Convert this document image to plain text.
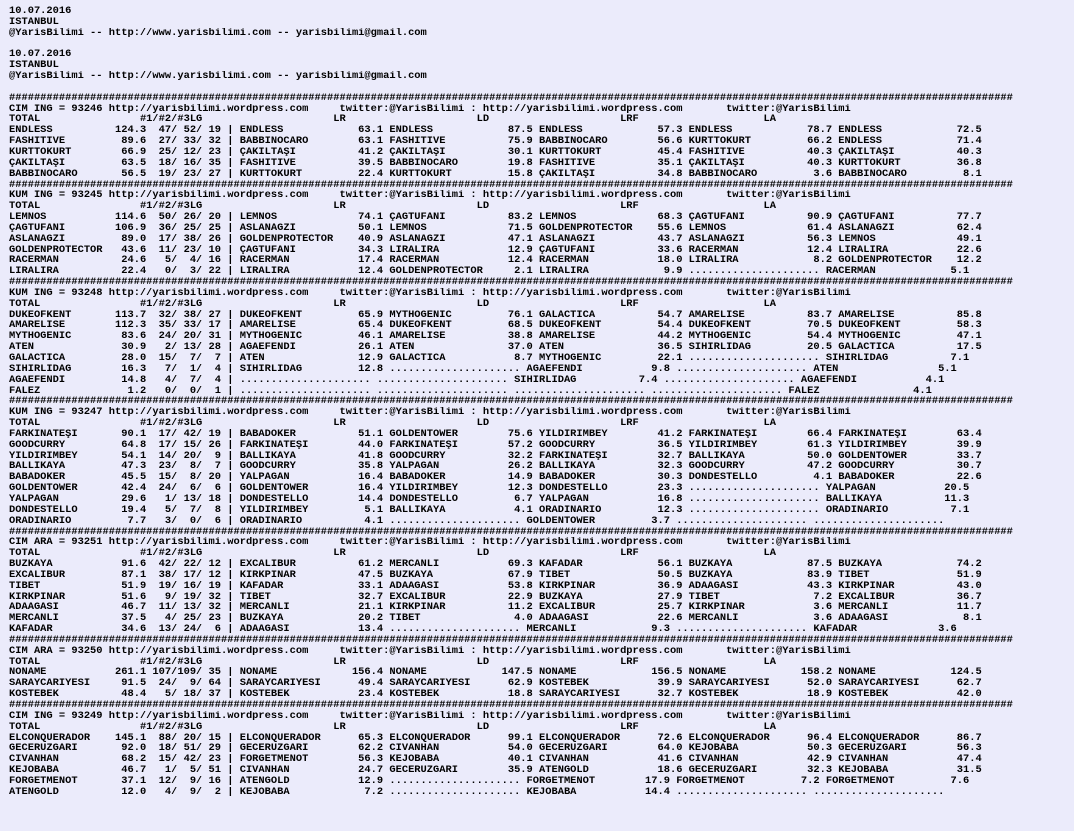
10.07.2016
ISTANBUL
@YarisBilimi -- http://www.yarisbilimi.com -- yarisbilimi@gmail.com

10.07.2016
ISTANBUL
@YarisBilimi -- http://www.yarisbilimi.com -- yarisbilimi@gmail.com

#################################################################################################################################################################
CIM ING = 93246 http://yarisbilimi.wordpress.com     twitter:@YarisBilimi : http://yarisbilimi.wordpress.com       twitter:@YarisBilimi
TOTAL                #1/#2/#3LG                     LR                     LD                     LRF                    LA
ENDLESS          124.3  47/ 52/ 19 | ENDLESS            63.1 ENDLESS            87.5 ENDLESS            57.3 ENDLESS            78.7 ENDLESS            72.5
FASHITIVE         89.6  27/ 33/ 32 | BABBINOCARO        63.1 FASHITIVE          75.9 BABBINOCARO        56.6 KURTTOKURT         66.2 ENDLESS            71.4
KURTTOKURT        66.9  25/ 12/ 23 | ÇAKILTAŞI          41.2 ÇAKILTAŞI          30.1 KURTTOKURT         45.4 FASHITIVE          40.3 ÇAKILTAŞI          40.3
ÇAKILTAŞI         63.5  18/ 16/ 35 | FASHITIVE          39.5 BABBINOCARO        19.8 FASHITIVE          35.1 ÇAKILTAŞI          40.3 KURTTOKURT         36.8
BABBINOCARO       56.5  19/ 23/ 27 | KURTTOKURT         22.4 KURTTOKURT         15.8 ÇAKILTAŞI          34.8 BABBINOCARO         3.6 BABBINOCARO         8.1
#################################################################################################################################################################
KUM ING = 93245 http://yarisbilimi.wordpress.com     twitter:@YarisBilimi : http://yarisbilimi.wordpress.com       twitter:@YarisBilimi
TOTAL                #1/#2/#3LG                     LR                     LD                     LRF                    LA
LEMNOS           114.6  50/ 26/ 20 | LEMNOS             74.1 ÇAGTUFANI          83.2 LEMNOS             68.3 ÇAGTUFANI          90.9 ÇAGTUFANI          77.7
ÇAGTUFANI        106.9  36/ 25/ 25 | ASLANAĞZI          50.1 LEMNOS             71.5 GOLDENPROTECTOR    55.6 LEMNOS             61.4 ASLANAĞZI          62.4
ASLANAĞZI         89.0  17/ 38/ 26 | GOLDENPROTECTOR    40.9 ASLANAĞZI          47.1 ASLANAĞZI          43.7 ASLANAĞZI          56.3 LEMNOS             49.1
GOLDENPROTECTOR   43.6  11/ 23/ 10 | ÇAGTUFANI          34.3 LIRALIRA           12.9 ÇAGTUFANI          33.6 RACERMAN           12.4 LIRALIRA           22.6
RACERMAN          24.6   5/  4/ 16 | RACERMAN           17.4 RACERMAN           12.4 RACERMAN           18.0 LIRALIRA            8.2 GOLDENPROTECTOR    12.2
LIRALIRA          22.4   0/  3/ 22 | LIRALIRA           12.4 GOLDENPROTECTOR     2.1 LIRALIRA            9.9 ..................... RACERMAN            5.1
#################################################################################################################################################################
KUM ING = 93248 http://yarisbilimi.wordpress.com     twitter:@YarisBilimi : http://yarisbilimi.wordpress.com       twitter:@YarisBilimi
TOTAL                #1/#2/#3LG                     LR                     LD                     LRF                    LA
DUKEOFKENT       113.7  32/ 38/ 27 | DUKEOFKENT         65.9 MYTHOGENIC         76.1 GALACTICA          54.7 AMARELISE          83.7 AMARELISE          85.8
AMARELISE        112.3  35/ 33/ 17 | AMARELISE          65.4 DUKEOFKENT         68.5 DUKEOFKENT         54.4 DUKEOFKENT         70.5 DUKEOFKENT         58.3
MYTHOGENIC        83.6  24/ 20/ 31 | MYTHOGENIC         46.1 AMARELISE          38.8 AMARELISE          44.2 MYTHOGENIC         54.4 MYTHOGENIC         47.1
ATEN              30.9   2/ 13/ 28 | AGAEFENDI          26.1 ATEN               37.0 ATEN               36.5 SIHIRLIDAĞ         20.5 GALACTICA          17.5
GALACTICA         28.0  15/  7/  7 | ATEN               12.9 GALACTICA           8.7 MYTHOGENIC         22.1 ..................... SIHIRLIDAĞ          7.1
SIHIRLIDAĞ        16.3   7/  1/  4 | SIHIRLIDAĞ         12.8 ..................... AGAEFENDI           9.8 ..................... ATEN                5.1
AGAEFENDI         14.8   4/  7/  4 | ..................... ..................... SIHIRLIDAĞ          7.4 ..................... AGAEFENDI           4.1
FALEZ              1.2   0/  0/  1 | ..................... ..................... ..................... ..................... FALEZ               4.1
#################################################################################################################################################################
KUM ING = 93247 http://yarisbilimi.wordpress.com     twitter:@YarisBilimi : http://yarisbilimi.wordpress.com       twitter:@YarisBilimi
TOTAL                #1/#2/#3LG                     LR                     LD                     LRF                    LA
FARKINATEŞİ       90.1  17/ 42/ 19 | BABADOKER          51.1 GOLDENTOWER        75.6 YILDIRIMBEY        41.2 FARKINATEŞİ        66.4 FARKINATEŞİ        63.4
GOODCURRY         64.8  17/ 15/ 26 | FARKINATEŞİ        44.0 FARKINATEŞİ        57.2 GOODCURRY          36.5 YILDIRIMBEY        61.3 YILDIRIMBEY        39.9
YILDIRIMBEY       54.1  14/ 20/  9 | BALLIKAYA          41.8 GOODCURRY          32.2 FARKINATEŞİ        32.7 BALLIKAYA          50.0 GOLDENTOWER        33.7
BALLIKAYA         47.3  23/  8/  7 | GOODCURRY          35.8 YALPAGAN           26.2 BALLIKAYA          32.3 GOODCURRY          47.2 GOODCURRY          30.7
BABADOKER         45.5  15/  8/ 20 | YALPAGAN           16.4 BABADOKER          14.9 BABADOKER          30.3 DONDESTELLO         4.1 BABADOKER          22.6
GOLDENTOWER       42.4  24/  6/  6 | GOLDENTOWER        16.4 YILDIRIMBEY        12.3 DONDESTELLO        23.3 ..................... YALPAGAN           20.5
YALPAGAN          29.6   1/ 13/ 18 | DONDESTELLO        14.4 DONDESTELLO         6.7 YALPAGAN           16.8 ..................... BALLIKAYA          11.3
DONDESTELLO       19.4   5/  7/  8 | YILDIRIMBEY         5.1 BALLIKAYA           4.1 ORADINARIO         12.3 ..................... ORADINARIO          7.1
ORADINARIO         7.7   3/  0/  6 | ORADINARIO          4.1 ..................... GOLDENTOWER         3.7 ..................... .....................
#################################################################################################################################################################
CIM ARA = 93251 http://yarisbilimi.wordpress.com     twitter:@YarisBilimi : http://yarisbilimi.wordpress.com       twitter:@YarisBilimi
TOTAL                #1/#2/#3LG                     LR                     LD                     LRF                    LA
BUZKAYA           91.6  42/ 22/ 12 | EXCALIBUR          61.2 MERCANLI           69.3 KAFADAR            56.1 BUZKAYA            87.5 BUZKAYA            74.2
EXCALIBUR         87.1  38/ 17/ 12 | KIRKPINAR          47.5 BUZKAYA            67.9 TIBET              50.5 BUZKAYA            83.9 TIBET              51.9
TIBET             51.9  19/ 16/ 19 | KAFADAR            33.1 ADAAGASI           53.8 KIRKPINAR          36.9 ADAAGASI           43.3 KIRKPINAR          43.0
KIRKPINAR         51.6   9/ 19/ 32 | TIBET              32.7 EXCALIBUR          22.9 BUZKAYA            27.9 TIBET               7.2 EXCALIBUR          36.7
ADAAGASI          46.7  11/ 13/ 32 | MERCANLI           21.1 KIRKPINAR          11.2 EXCALIBUR          25.7 KIRKPINAR           3.6 MERCANLI           11.7
MERCANLI          37.5   4/ 25/ 23 | BUZKAYA            20.2 TIBET               4.0 ADAAGASI           22.6 MERCANLI            3.6 ADAAGASI            8.1
KAFADAR           34.6  13/ 24/  6 | ADAAGASI           13.4 ..................... MERCANLI            9.3 ..................... KAFADAR             3.6
#################################################################################################################################################################
CIM ARA = 93250 http://yarisbilimi.wordpress.com     twitter:@YarisBilimi : http://yarisbilimi.wordpress.com       twitter:@YarisBilimi
TOTAL                #1/#2/#3LG                     LR                     LD                     LRF                    LA
NONAME           261.1 107/109/ 35 | NONAME            156.4 NONAME            147.5 NONAME            156.5 NONAME            158.2 NONAME            124.5
SARAYCARİYESİ     91.5  24/  9/ 64 | SARAYCARİYESİ      49.4 SARAYCARİYESİ      62.9 KOSTEBEK           39.9 SARAYCARİYESİ      52.0 SARAYCARİYESİ      62.7
KOSTEBEK          48.4   5/ 18/ 37 | KOSTEBEK           23.4 KOSTEBEK           18.8 SARAYCARİYESİ      32.7 KOSTEBEK           18.9 KOSTEBEK           42.0
#################################################################################################################################################################
CIM ING = 93249 http://yarisbilimi.wordpress.com     twitter:@YarisBilimi : http://yarisbilimi.wordpress.com       twitter:@YarisBilimi
TOTAL                #1/#2/#3LG                     LR                     LD                     LRF                    LA
ELCONQUERADOR    145.1  88/ 20/ 15 | ELCONQUERADOR      65.3 ELCONQUERADOR      99.1 ELCONQUERADOR      72.6 ELCONQUERADOR      96.4 ELCONQUERADOR      86.7
GECERÜZGARI       92.0  18/ 51/ 29 | GECERÜZGARI        62.2 CIVANHAN           54.0 GECERÜZGARI        64.0 KEJOBABA           50.3 GECERÜZGARI        56.3
CIVANHAN          68.2  15/ 42/ 23 | FORGETMENOT        56.3 KEJOBABA           40.1 CIVANHAN           41.6 CIVANHAN           42.9 CIVANHAN           47.4
KEJOBABA          46.7   1/  5/ 51 | CIVANHAN           24.7 GECERÜZGARI        35.9 ATENGOLD           18.6 GECERÜZGARI        32.3 KEJOBABA           31.5
FORGETMENOT       37.1  12/  9/ 16 | ATENGOLD           12.9 ..................... FORGETMENOT        17.9 FORGETMENOT         7.2 FORGETMENOT         7.6
ATENGOLD          12.0   4/  9/  2 | KEJOBABA            7.2 ..................... KEJOBABA           14.4 ..................... .....................
